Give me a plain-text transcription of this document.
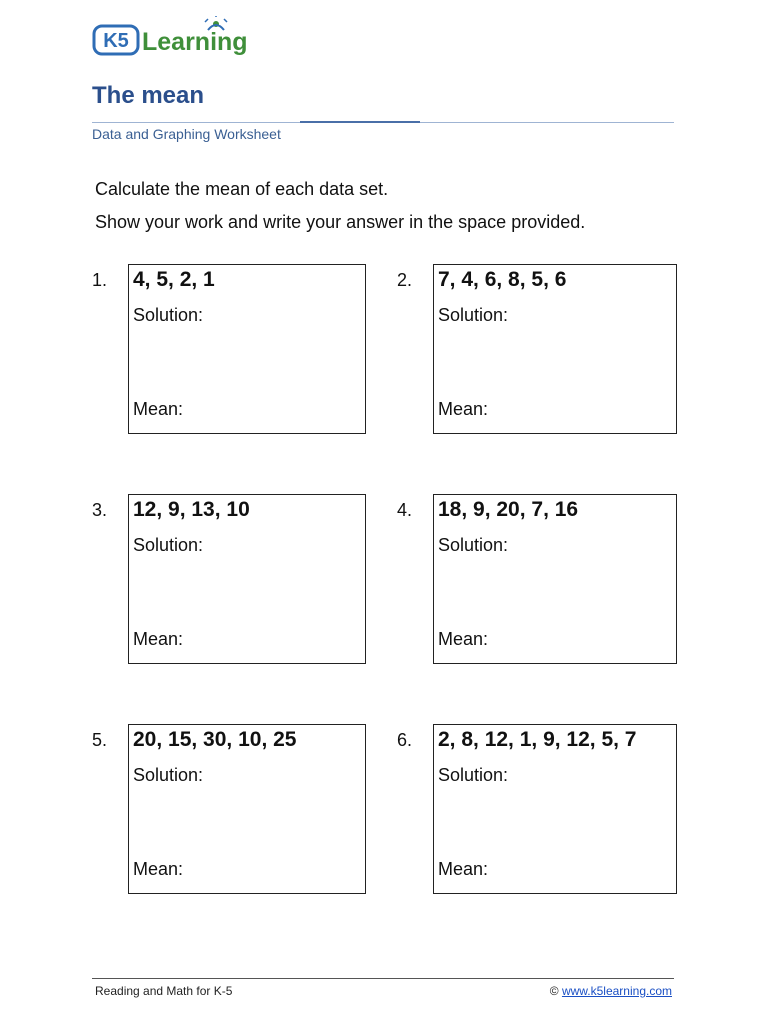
K5 Learning
The mean
Data and Graphing Worksheet
Calculate the mean of each data set.
Show your work and write your answer in the space provided.
1. 4, 5, 2, 1
Solution:
Mean:
2. 7, 4, 6, 8, 5, 6
Solution:
Mean:
3. 12, 9, 13, 10
Solution:
Mean:
4. 18, 9, 20, 7, 16
Solution:
Mean:
5. 20, 15, 30, 10, 25
Solution:
Mean:
6. 2, 8, 12, 1, 9, 12, 5, 7
Solution:
Mean:
Reading and Math for K-5	© www.k5learning.com
